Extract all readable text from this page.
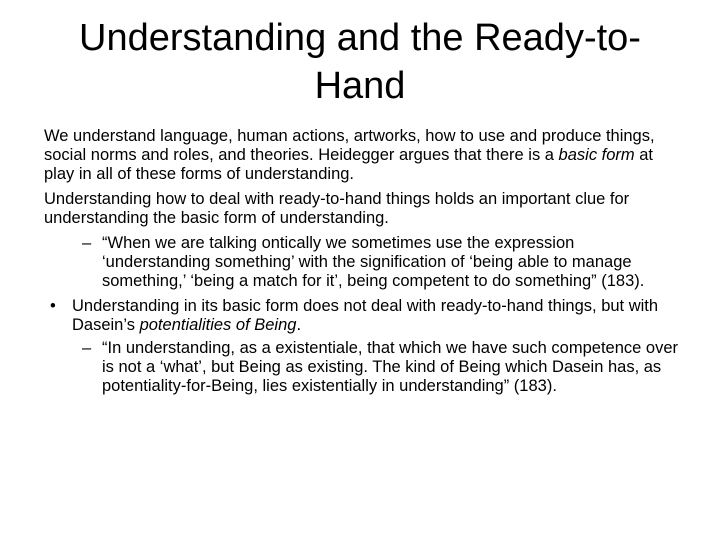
Understanding and the Ready-to-Hand

We understand language, human actions, artworks, how to use and produce things, social norms and roles, and theories. Heidegger argues that there is a basic form at play in all of these forms of understanding.

Understanding how to deal with ready-to-hand things holds an important clue for understanding the basic form of understanding.

– “When we are talking ontically we sometimes use the expression ‘understanding something’ with the signification of ‘being able to manage something,’ ‘being a match for it’, being competent to do something” (183).
• Understanding in its basic form does not deal with ready-to-hand things, but with Dasein’s potentialities of Being.
– “In understanding, as a existentiale, that which we have such competence over is not a ‘what’, but Being as existing. The kind of Being which Dasein has, as potentiality-for-Being, lies existentially in understanding” (183).
